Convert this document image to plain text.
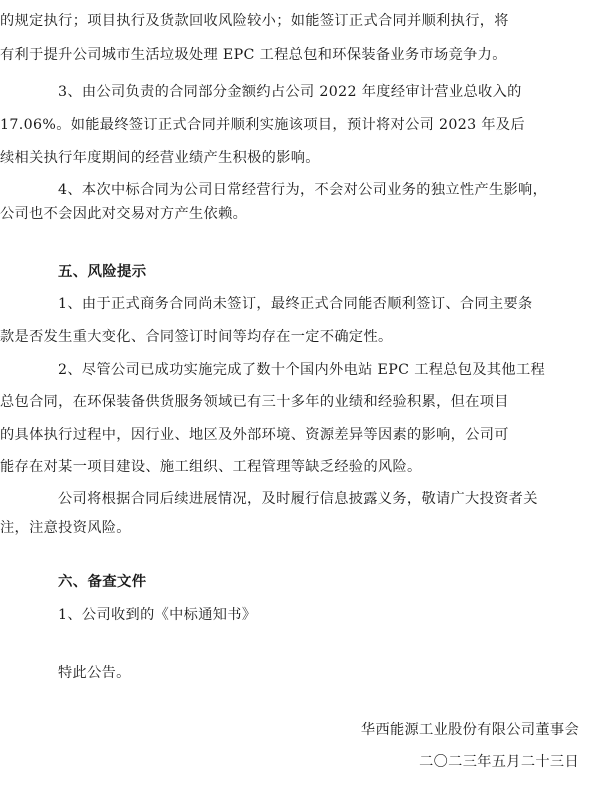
的规定执行；项目执行及货款回收风险较小；如能签订正式合同并顺利执行，将
有利于提升公司城市生活垃圾处理 EPC 工程总包和环保装备业务市场竞争力。
3、由公司负责的合同部分金额约占公司 2022 年度经审计营业总收入的
17.06%。如能最终签订正式合同并顺利实施该项目，预计将对公司 2023 年及后
续相关执行年度期间的经营业绩产生积极的影响。
4、本次中标合同为公司日常经营行为，不会对公司业务的独立性产生影响，
公司也不会因此对交易对方产生依赖。
五、风险提示
1、由于正式商务合同尚未签订，最终正式合同能否顺利签订、合同主要条
款是否发生重大变化、合同签订时间等均存在一定不确定性。
2、尽管公司已成功实施完成了数十个国内外电站 EPC 工程总包及其他工程
总包合同，在环保装备供货服务领域已有三十多年的业绩和经验积累，但在项目
的具体执行过程中，因行业、地区及外部环境、资源差异等因素的影响，公司可
能存在对某一项目建设、施工组织、工程管理等缺乏经验的风险。
公司将根据合同后续进展情况，及时履行信息披露义务，敬请广大投资者关
注，注意投资风险。
六、备查文件
1、公司收到的《中标通知书》
特此公告。
华西能源工业股份有限公司董事会
二〇二三年五月二十三日
